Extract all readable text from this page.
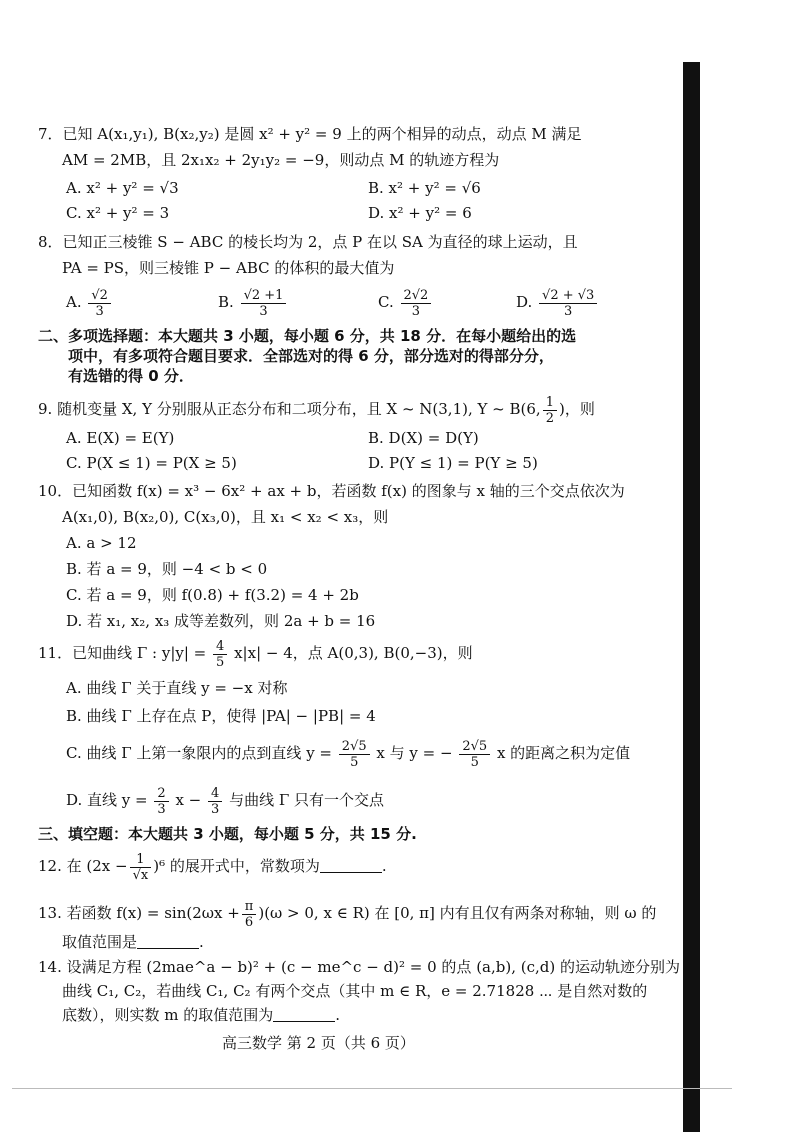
7．已知 A(x₁,y₁), B(x₂,y₂) 是圆 x² + y² = 9 上的两个相异的动点，动点 M 满足
AM = 2MB，且 2x₁x₂ + 2y₁y₂ = −9，则动点 M 的轨迹方程为
A. x² + y² = √3	B. x² + y² = √6
C. x² + y² = 3	D. x² + y² = 6
8．已知正三棱锥 S − ABC 的棱长均为 2，点 P 在以 SA 为直径的球上运动，且
PA = PS，则三棱锥 P − ABC 的体积的最大值为
A. $\frac{√2}{3}$	B. $\frac{√2 +1}{3}$	C. $\frac{2√2}{3}$	D. $\frac{√2 + √3}{3}$
二、多项选择题：本大题共 3 小题，每小题 6 分，共 18 分．在每小题给出的选
项中，有多项符合题目要求．全部选对的得 6 分，部分选对的得部分分，
有选错的得 0 分．
9. 随机变量 X, Y 分别服从正态分布和二项分布，且 X ~ N(3,1), Y ~ B(6, $\frac{1}{2}$ )，则
A. E(X) = E(Y)	B. D(X) = D(Y)
C. P(X ≤ 1) = P(X ≥ 5)	D. P(Y ≤ 1) = P(Y ≥ 5)
10．已知函数 f(x) = x³ − 6x² + ax + b，若函数 f(x) 的图象与 x 轴的三个交点依次为
A(x₁,0), B(x₂,0), C(x₃,0)，且 x₁ < x₂ < x₃，则
A. a > 12
B. 若 a = 9，则 −4 < b < 0
C. 若 a = 9，则 f(0.8) + f(3.2) = 4 + 2b
D. 若 x₁, x₂, x₃ 成等差数列，则 2a + b = 16
11．已知曲线 Γ : $y|y| = \frac{4}{5} x|x| - 4$，点 A(0,3), B(0,−3)，则
A. 曲线 Γ 关于直线 y = −x 对称
B. 曲线 Γ 上存在点 P，使得 |PA| − |PB| = 4
C. 曲线 Γ 上第一象限内的点到直线 $y = \frac{2√5}{5}$ x 与 y = − $\frac{2√5}{5}$ x 的距离之积为定值
D. 直线 $y = \frac{2}{3}$ $x - \frac{4}{3}$ 与曲线 Γ 只有一个交点
三、填空题：本大题共 3 小题，每小题 5 分，共 15 分.
12. 在 $(2x - \frac{1}{√x} )^6$ 的展开式中，常数项为	.
13. 若函数 $f(x) = \sin(2\omega x + \frac{\pi}{6} )(\omega > 0$, x ∈ R) 在 [0, π] 内有且仅有两条对称轴，则 ω 的
取值范围是	.
14. 设满足方程 (2mae^a − b)² + (c − me^c − d)² = 0 的点 (a,b), (c,d) 的运动轨迹分别为
曲线 C₁, C₂，若曲线 C₁, C₂ 有两个交点（其中 m ∈ R，e = 2.71828 ⋯ 是自然对数的
底数），则实数 m 的取值范围为	.
高三数学 第 2 页（共 6 页）
